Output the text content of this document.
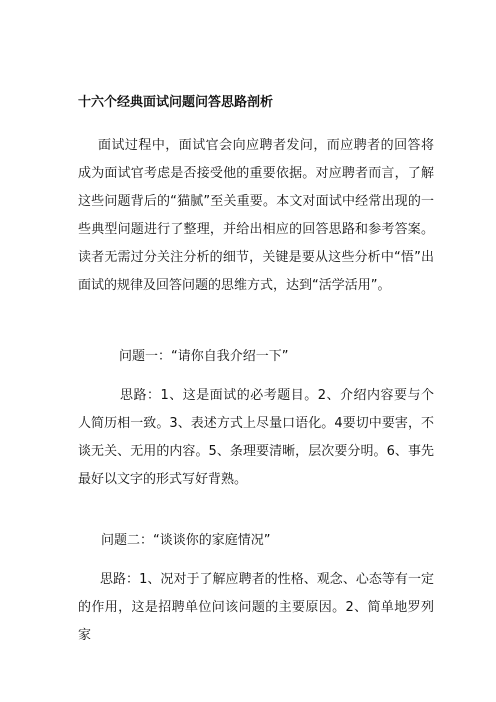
十六个经典面试问题问答思路剖析

面试过程中，面试官会向应聘者发问，而应聘者的回答将成为面试官考虑是否接受他的重要依据。对应聘者而言，了解这些问题背后的“猫腻”至关重要。本文对面试中经常出现的一些典型问题进行了整理，并给出相应的回答思路和参考答案。读者无需过分关注分析的细节，关键是要从这些分析中“悟”出面试的规律及回答问题的思维方式，达到“活学活用”。

问题一：“请你自我介绍一下”

思路：1、这是面试的必考题目。2、介绍内容要与个人简历相一致。3、表述方式上尽量口语化。4要切中要害，不谈无关、无用的内容。5、条理要清晰，层次要分明。6、事先最好以文字的形式写好背熟。

问题二：“谈谈你的家庭情况”

思路：1、况对于了解应聘者的性格、观念、心态等有一定的作用，这是招聘单位问该问题的主要原因。2、简单地罗列家
